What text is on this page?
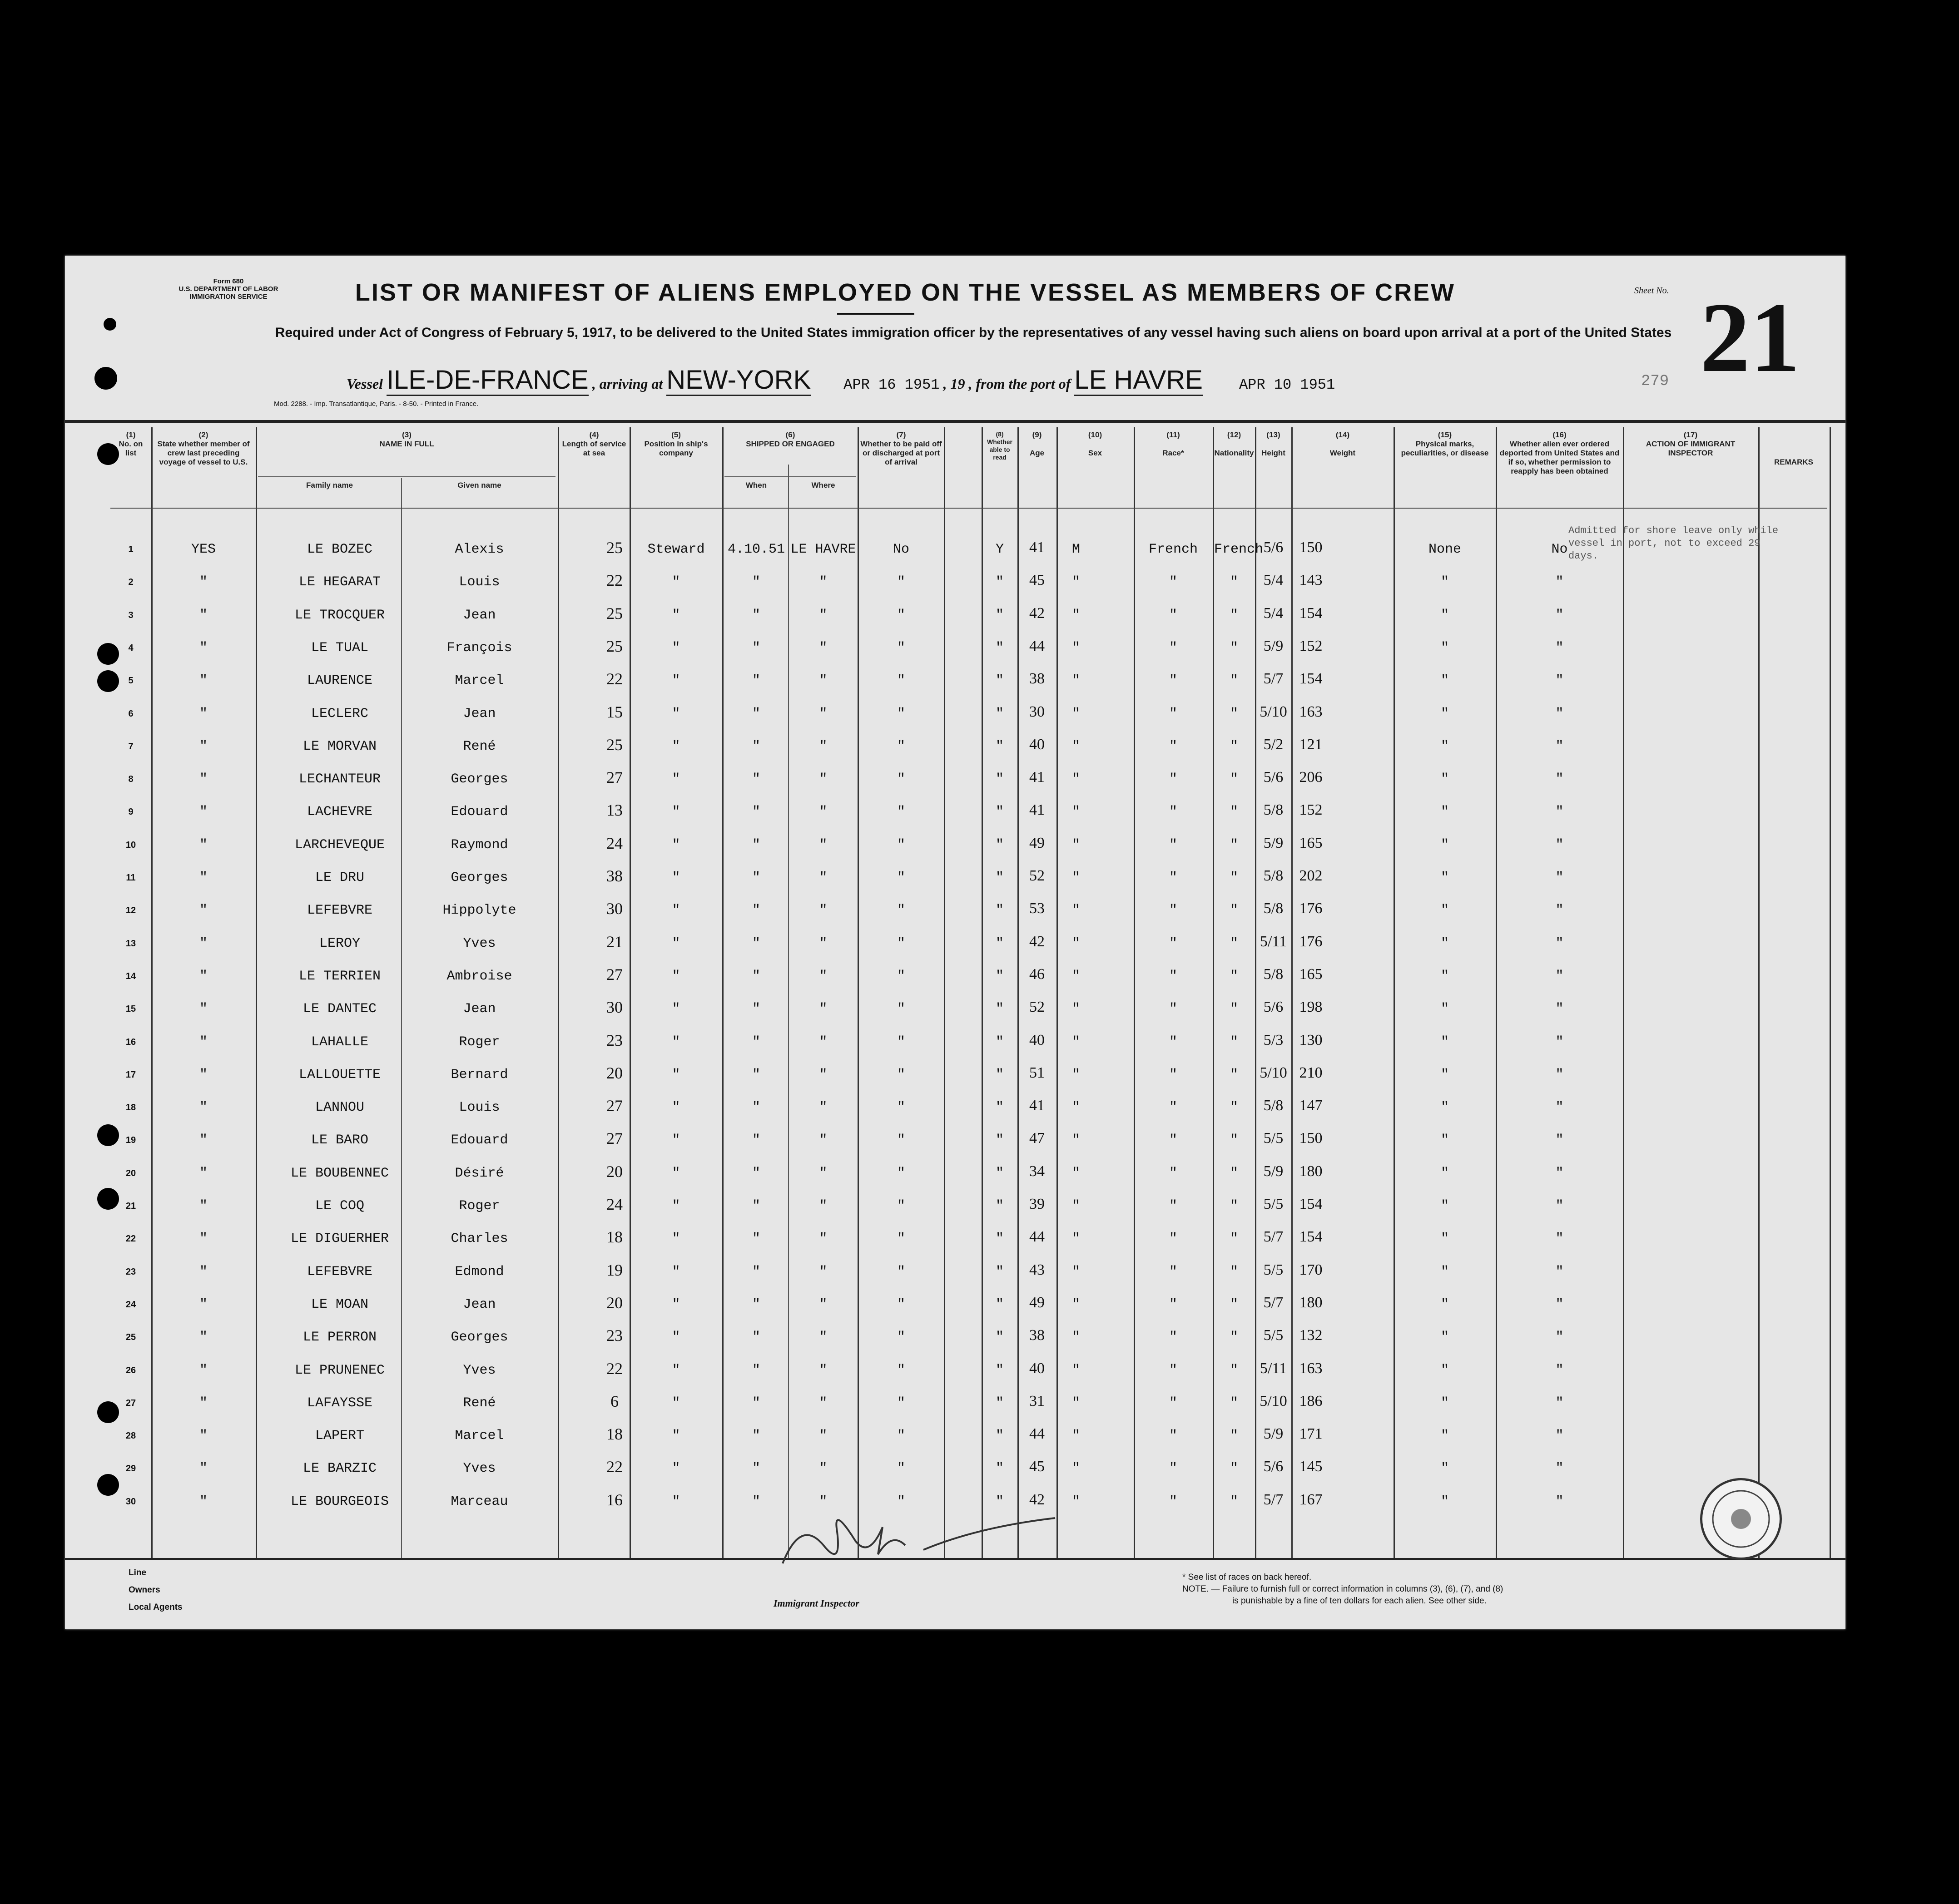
Form 680
U.S. DEPARTMENT OF LABOR
IMMIGRATION SERVICE	LIST OR MANIFEST OF ALIENS EMPLOYED ON THE VESSEL AS MEMBERS OF CREW	Sheet No. 21
279
Required under Act of Congress of February 5, 1917, to be delivered to the United States immigration officer by the representatives of any vessel having such aliens on board upon arrival at a port of the United States
Vessel ILE-DE-FRANCE , arriving at NEW-YORK APR 16 1951 , 19 , from the port of LE HAVRE	APR 10 1951
Mod. 2288. - Imp. Transatlantique, Paris. - 8-50. - Printed in France.
(1)
No. on list
(2)
State whether member of crew last preceding voyage of vessel to U.S.
(3)
NAME IN FULL
Family name	Given name
(4)
Length of service at sea
(5)
Position in ship's company
(6)
SHIPPED OR ENGAGED
When	Where
(7)
Whether to be paid off or discharged at port of arrival
(8)
Whether able to read
(9)
Age
(10)
Sex
(11)
Race*
(12)
Nationality
(13)
Height
(14)
Weight
(15)
Physical marks, peculiarities, or disease
(16)
Whether alien ever ordered deported from United States and if so, whether permission to reapply has been obtained
(17)
ACTION OF IMMIGRANT INSPECTOR
REMARKS
1	YES	LE BOZEC	Alexis	25	Steward	4.10.51 LE HAVRE	No	Y	41	M	French	French 5/6	150	None	No
2	"	LE HEGARAT	Louis	22	"	"	"	"	"	45	"	"	"	5/4	143	"	"
3	"	LE TROCQUER	Jean	25	"	"	"	"	"	42	"	"	"	5/4	154	"	"
4	"	LE TUAL	François	25	"	"	"	"	"	44	"	"	"	5/9	152	"	"
5	"	LAURENCE	Marcel	22	"	"	"	"	"	38	"	"	"	5/7	154	"	"
6	"	LECLERC	Jean	15	"	"	"	"	"	30	"	"	"	5/10 163	"	"
7	"	LE MORVAN	René	25	"	"	"	"	"	40	"	"	"	5/2	121	"	"
8	"	LECHANTEUR	Georges	27	"	"	"	"	"	41	"	"	"	5/6	206	"	"
9	"	LACHEVRE	Edouard	13	"	"	"	"	"	41	"	"	"	5/8	152	"	"
10	"	LARCHEVEQUE	Raymond	24	"	"	"	"	"	49	"	"	"	5/9	165	"	"
11	"	LE DRU	Georges	38	"	"	"	"	"	52	"	"	"	5/8	202	"	"
12	"	LEFEBVRE	Hippolyte	30	"	"	"	"	"	53	"	"	"	5/8	176	"	"
13	"	LEROY	Yves	21	"	"	"	"	"	42	"	"	"	5/11 176	"	"
14	"	LE TERRIEN	Ambroise	27	"	"	"	"	"	46	"	"	"	5/8	165	"	"
15	"	LE DANTEC	Jean	30	"	"	"	"	"	52	"	"	"	5/6	198	"	"
16	"	LAHALLE	Roger	23	"	"	"	"	"	40	"	"	"	5/3	130	"	"
17	"	LALLOUETTE	Bernard	20	"	"	"	"	"	51	"	"	"	5/10 210	"	"
18	"	LANNOU	Louis	27	"	"	"	"	"	41	"	"	"	5/8	147	"	"
19	"	LE BARO	Edouard	27	"	"	"	"	"	47	"	"	"	5/5	150	"	"
20	"	LE BOUBENNEC	Désiré	20	"	"	"	"	"	34	"	"	"	5/9	180	"	"
21	"	LE COQ	Roger	24	"	"	"	"	"	39	"	"	"	5/5	154	"	"
22	"	LE DIGUERHER	Charles	18	"	"	"	"	"	44	"	"	"	5/7	154	"	"
23	"	LEFEBVRE	Edmond	19	"	"	"	"	"	43	"	"	"	5/5	170	"	"
24	"	LE MOAN	Jean	20	"	"	"	"	"	49	"	"	"	5/7	180	"	"
25	"	LE PERRON	Georges	23	"	"	"	"	"	38	"	"	"	5/5	132	"	"
26	"	LE PRUNENEC	Yves	22	"	"	"	"	"	40	"	"	"	5/11 163	"	"
27	"	LAFAYSSE	René	6	"	"	"	"	"	31	"	"	"	5/10 186	"	"
28	"	LAPERT	Marcel	18	"	"	"	"	"	44	"	"	"	5/9	171	"	"
29	"	LE BARZIC	Yves	22	"	"	"	"	"	45	"	"	"	5/6	145	"	"
30	"	LE BOURGEOIS	Marceau	16	"	"	"	"	"	42	"	"	"	5/7	167	"	"
Admitted for shore leave only while vessel in port, not to exceed 29 days.
Line
Owners
Local Agents	Immigrant Inspector
* See list of races on back hereof.
NOTE. — Failure to furnish full or correct information in columns (3), (6), (7), and (8)
is punishable by a fine of ten dollars for each alien. See other side.
